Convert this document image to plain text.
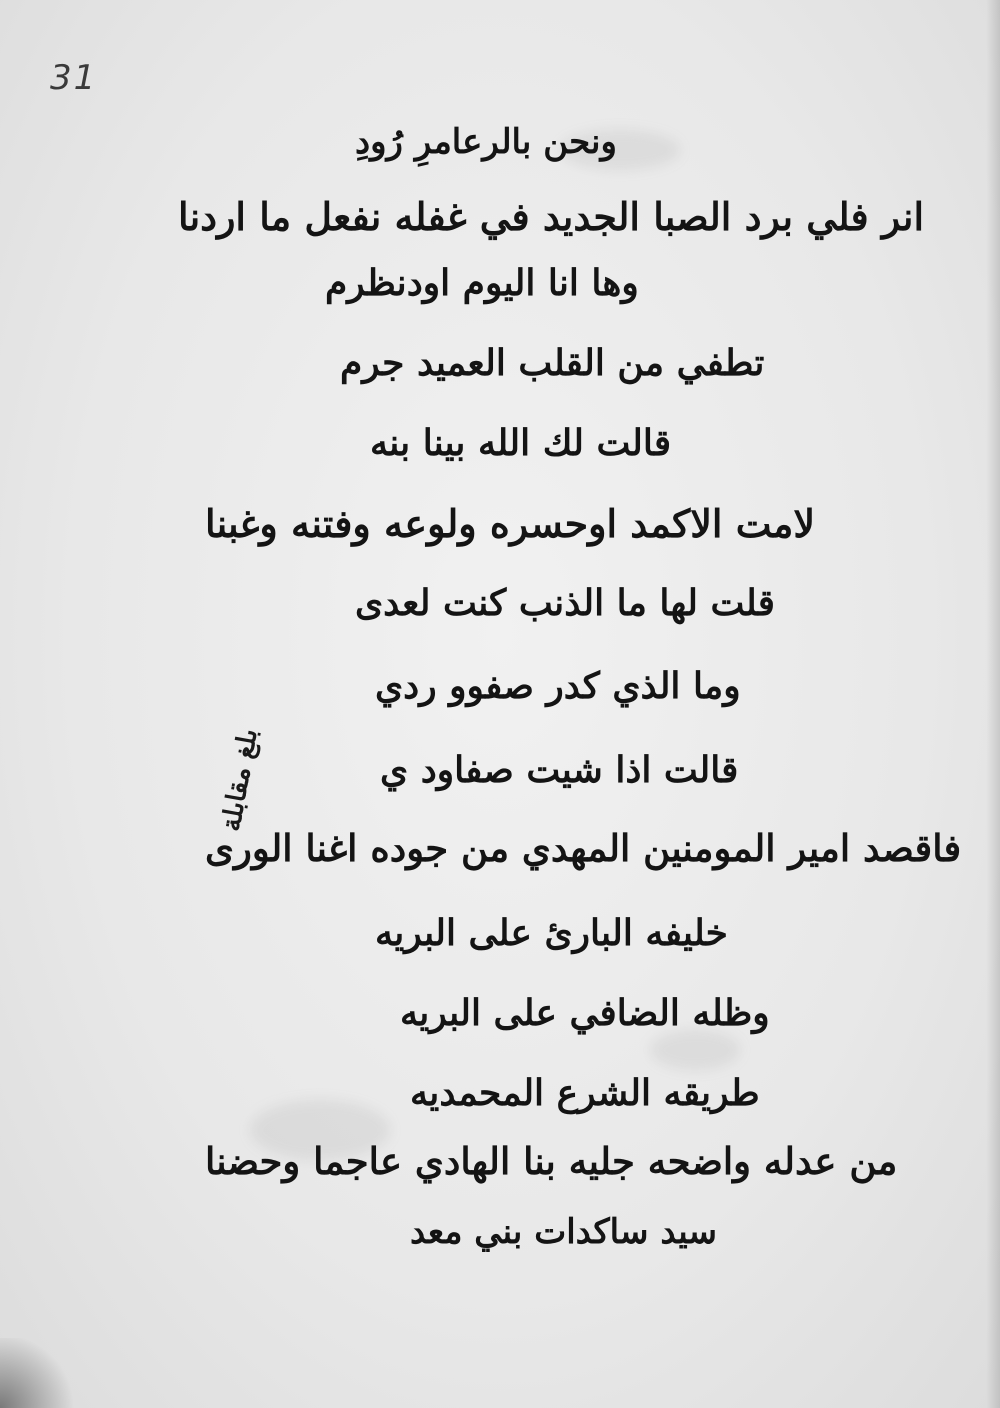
31
ونحن بالرعامرِ رُودِ
انر فلي برد الصبا الجديد في غفله نفعل ما اردنا
وها انا اليوم اودنظرم
تطفي من القلب العميد جرم
قالت لك الله بينا بنه
لامت الاكمد اوحسره ولوعه وفتنه وغبنا
قلت لها ما الذنب كنت لعدى
وما الذي كدر صفوو ردي
قالت اذا شيت صفاود ي
فاقصد امير المومنين المهدي من جوده اغنا الورى
خليفه البارئ على البريه
وظله الضافي على البريه
طريقه الشرع المحمديه
من عدله واضحه جليه بنا الهادي عاجما وحضنا
سيد ساكدات بني معد
بلغ مقابلة
